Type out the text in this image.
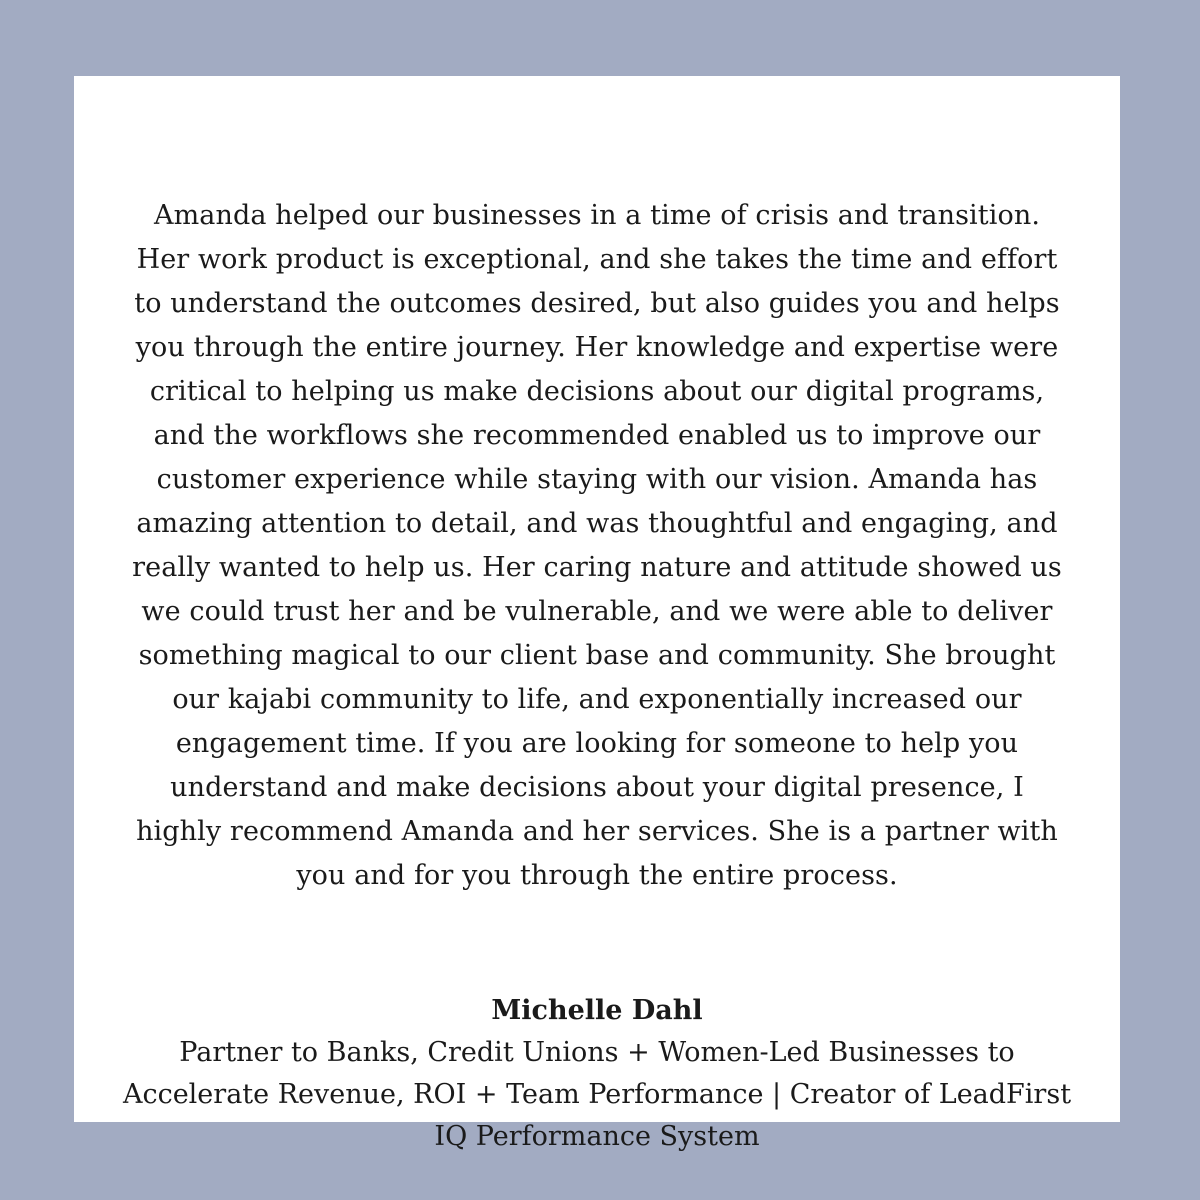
Amanda helped our businesses in a time of crisis and transition.
Her work product is exceptional, and she takes the time and effort
to understand the outcomes desired, but also guides you and helps
you through the entire journey. Her knowledge and expertise were
critical to helping us make decisions about our digital programs,
and the workflows she recommended enabled us to improve our
customer experience while staying with our vision. Amanda has
amazing attention to detail, and was thoughtful and engaging, and
really wanted to help us. Her caring nature and attitude showed us
we could trust her and be vulnerable, and we were able to deliver
something magical to our client base and community. She brought
our kajabi community to life, and exponentially increased our
engagement time. If you are looking for someone to help you
understand and make decisions about your digital presence, I
highly recommend Amanda and her services. She is a partner with
you and for you through the entire process.

Michelle Dahl
Partner to Banks, Credit Unions + Women-Led Businesses to
Accelerate Revenue, ROI + Team Performance | Creator of LeadFirst
IQ Performance System
